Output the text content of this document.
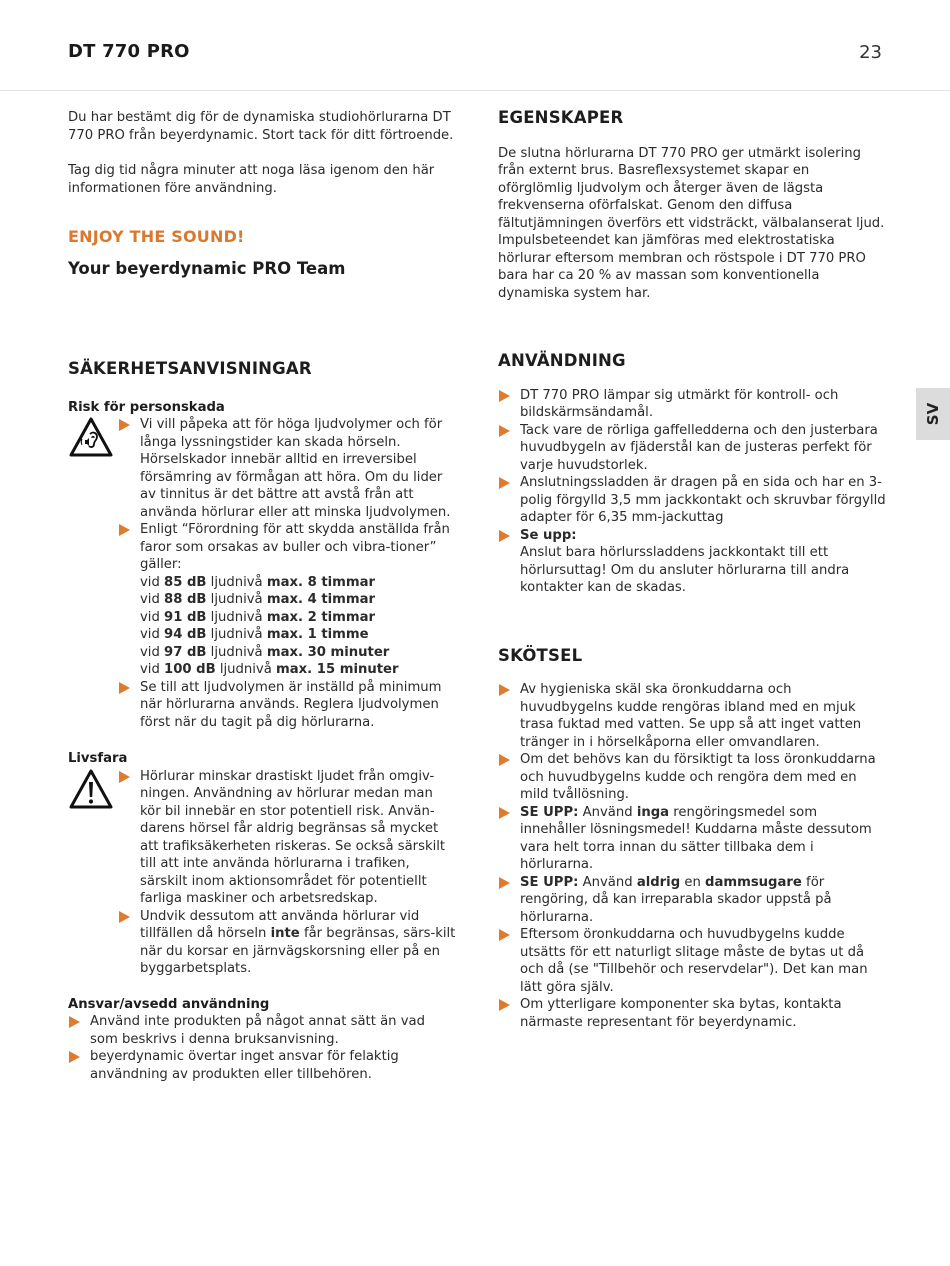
DT 770 PRO	23
SV

Du har bestämt dig för de dynamiska studiohörlurarna DT 770 PRO från beyerdynamic. Stort tack för ditt förtroende.

Tag dig tid några minuter att noga läsa igenom den här informationen före användning.

ENJOY THE SOUND!
Your beyerdynamic PRO Team
SÄKERHETSANVISNINGAR
Risk för personskada
Vi vill påpeka att för höga ljudvolymer och för långa lyssningstider kan skada hörseln. Hörselskador innebär alltid en irreversibel försämring av förmågan att höra. Om du lider av tinnitus är det bättre att avstå från att använda hörlurar eller att minska ljudvolymen.
Enligt “Förordning för att skydda anställda från faror som orsakas av buller och vibra-tioner” gäller:
vid 85 dB ljudnivå max. 8 timmar
vid 88 dB ljudnivå max. 4 timmar
vid 91 dB ljudnivå max. 2 timmar
vid 94 dB ljudnivå max. 1 timme
vid 97 dB ljudnivå max. 30 minuter
vid 100 dB ljudnivå max. 15 minuter
Se till att ljudvolymen är inställd på minimum när hörlurarna används. Reglera ljudvolymen först när du tagit på dig hörlurarna.
Livsfara
Hörlurar minskar drastiskt ljudet från omgiv-ningen. Användning av hörlurar medan man kör bil innebär en stor potentiell risk. Använ-darens hörsel får aldrig begränsas så mycket att trafiksäkerheten riskeras. Se också särskilt till att inte använda hörlurarna i trafiken, särskilt inom aktionsområdet för potentiellt farliga maskiner och arbetsredskap.
Undvik dessutom att använda hörlurar vid tillfällen då hörseln inte får begränsas, särs-kilt när du korsar en järnvägskorsning eller på en byggarbetsplats.
Ansvar/avsedd användning
Använd inte produkten på något annat sätt än vad som beskrivs i denna bruksanvisning.
beyerdynamic övertar inget ansvar för felaktig användning av produkten eller tillbehören.
EGENSKAPER

De slutna hörlurarna DT 770 PRO ger utmärkt isolering från externt brus. Basreflexsystemet skapar en oförglömlig ljudvolym och återger även de lägsta frekvenserna oförfalskat. Genom den diffusa fältutjämningen överförs ett vidsträckt, välbalanserat ljud. Impulsbeteendet kan jämföras med elektrostatiska hörlurar eftersom membran och röstspole i DT 770 PRO bara har ca 20 % av massan som konventionella dynamiska system har.

ANVÄNDNING
DT 770 PRO lämpar sig utmärkt för kontroll- och bildskärmsändamål.
Tack vare de rörliga gaffelledderna och den justerbara huvudbygeln av fjäderstål kan de justeras perfekt för varje huvudstorlek.
Anslutningssladden är dragen på en sida och har en 3-polig förgylld 3,5 mm jackkontakt och skruvbar förgylld adapter för 6,35 mm-jackuttag
Se upp:
Anslut bara hörlurssladdens jackkontakt till ett hörlursuttag! Om du ansluter hörlurarna till andra kontakter kan de skadas.
SKÖTSEL
Av hygieniska skäl ska öronkuddarna och huvudbygelns kudde rengöras ibland med en mjuk trasa fuktad med vatten. Se upp så att inget vatten tränger in i hörselkåporna eller omvandlaren.
Om det behövs kan du försiktigt ta loss öronkuddarna och huvudbygelns kudde och rengöra dem med en mild tvållösning.
SE UPP: Använd inga rengöringsmedel som innehåller lösningsmedel! Kuddarna måste dessutom vara helt torra innan du sätter tillbaka dem i hörlurarna.
SE UPP: Använd aldrig en dammsugare för rengöring, då kan irreparabla skador uppstå på hörlurarna.
Eftersom öronkuddarna och huvudbygelns kudde utsätts för ett naturligt slitage måste de bytas ut då och då (se "Tillbehör och reservdelar"). Det kan man lätt göra själv.
Om ytterligare komponenter ska bytas, kontakta närmaste representant för beyerdynamic.
